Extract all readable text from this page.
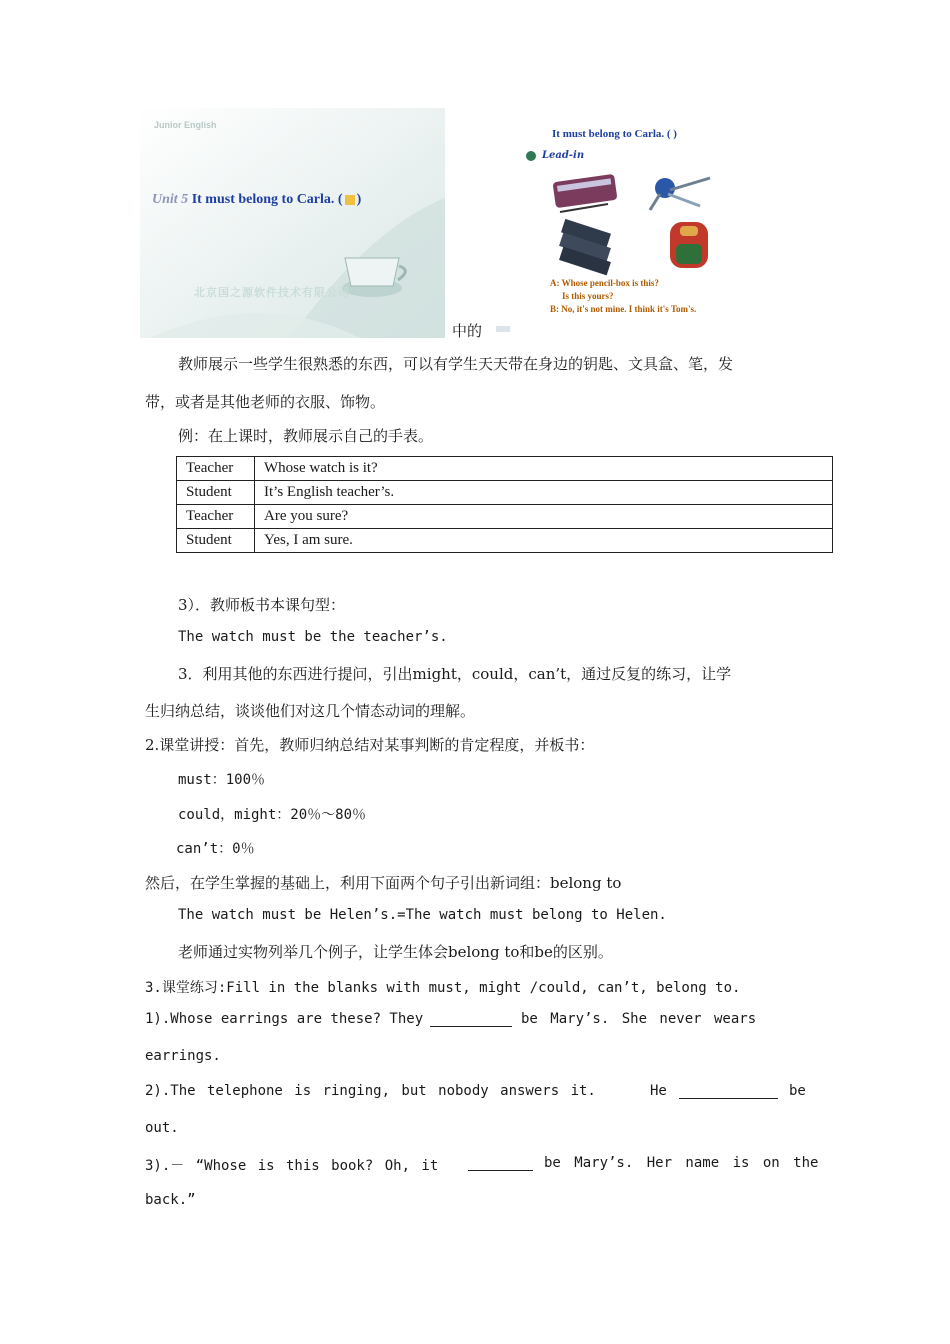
Junior English
Unit 5 It must belong to Carla. ( )
北京国之源软件技术有限公司
中的
It must belong to Carla. ( )
Lead-in
A: Whose pencil-box is this?
Is this yours?
B: No, it's not mine. I think it's Tom's.
教师展示一些学生很熟悉的东西，可以有学生天天带在身边的钥匙、文具盒、笔，发
带，或者是其他老师的衣服、饰物。
例：在上课时，教师展示自己的手表。
Teacher	Whose watch is it?
Student	It’s English teacher’s.
Teacher	Are you sure?
Student	Yes, I am sure.
3）．教师板书本课句型：
The watch must be the teacher’s.
3．利用其他的东西进行提问，引出might，could，can’t，通过反复的练习，让学
生归纳总结，谈谈他们对这几个情态动词的理解。
2.课堂讲授：首先，教师归纳总结对某事判断的肯定程度，并板书：
must：100％
could，might：20％～80％
can’t：0％
然后，在学生掌握的基础上，利用下面两个句子引出新词组：belong to
The watch must be Helen’s.=The watch must belong to Helen.
老师通过实物列举几个例子，让学生体会belong to和be的区别。
3.课堂练习:Fill in the blanks with must, might /could, can’t, belong to.
1).Whose earrings are these? They	be Mary’s. She never wears
earrings.
2).The telephone is ringing, but nobody answers it.	He	be
out.
3).－ “Whose is this book? Oh, it	be Mary’s. Her name is on the
back.”
